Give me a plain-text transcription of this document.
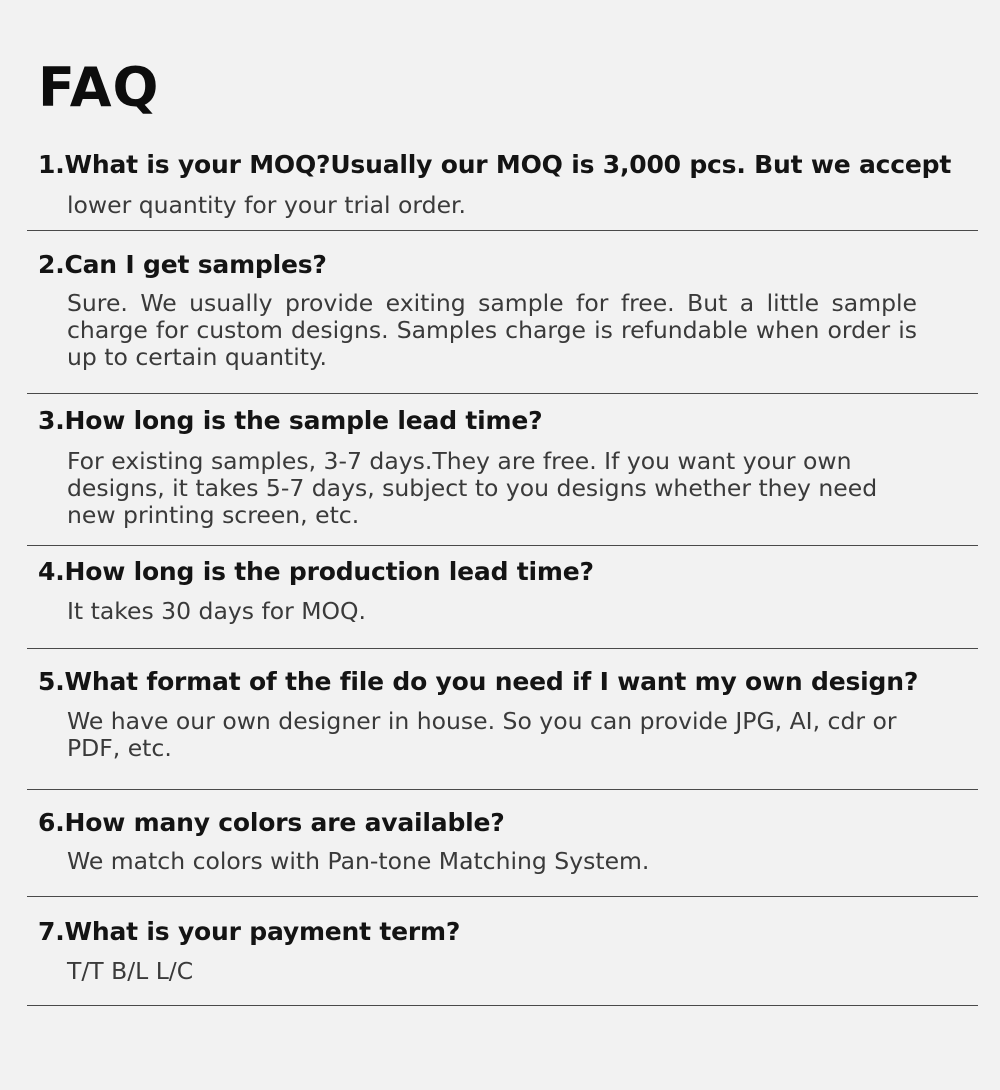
FAQ
1.What is your MOQ?Usually our MOQ is 3,000 pcs. But we accept

lower quantity for your trial order.

2.Can I get samples?

Sure. We usually provide exiting sample for free. But a little sample charge for custom designs. Samples charge is refundable when order is up to certain quantity.

3.How long is the sample lead time?

For existing samples, 3-7 days.They are free. If you want your own designs, it takes 5-7 days, subject to you designs whether they need new printing screen, etc.

4.How long is the production lead time?

It takes 30 days for MOQ.

5.What format of the file do you need if I want my own design?

We have our own designer in house. So you can provide JPG, AI, cdr or PDF, etc.

6.How many colors are available?

We match colors with Pan-tone Matching System.

7.What is your payment term?

T/T B/L L/C
